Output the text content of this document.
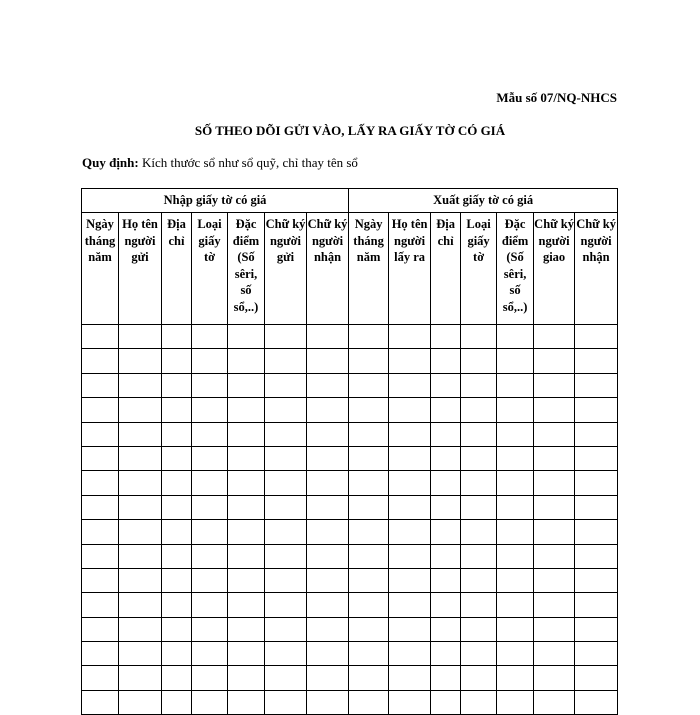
Mẫu số 07/NQ-NHCS
SỐ THEO DÕI GỬI VÀO, LẤY RA GIẤY TỜ CÓ GIÁ
Quy định: Kích thước sổ như sổ quỹ, chỉ thay tên sổ
Nhập giấy tờ có giá							Xuất giấy tờ có giá						
Ngày tháng năm	Họ tên người gửi	Địa chỉ	Loại giấy tờ	Đặc điểm (Số sêri, số sổ,..)	Chữ ký người gửi	Chữ ký người nhận	Ngày tháng năm	Họ tên người lấy ra	Địa chỉ	Loại giấy tờ	Đặc điểm (Số sêri, số sổ,..)	Chữ ký người giao	Chữ ký người nhận
